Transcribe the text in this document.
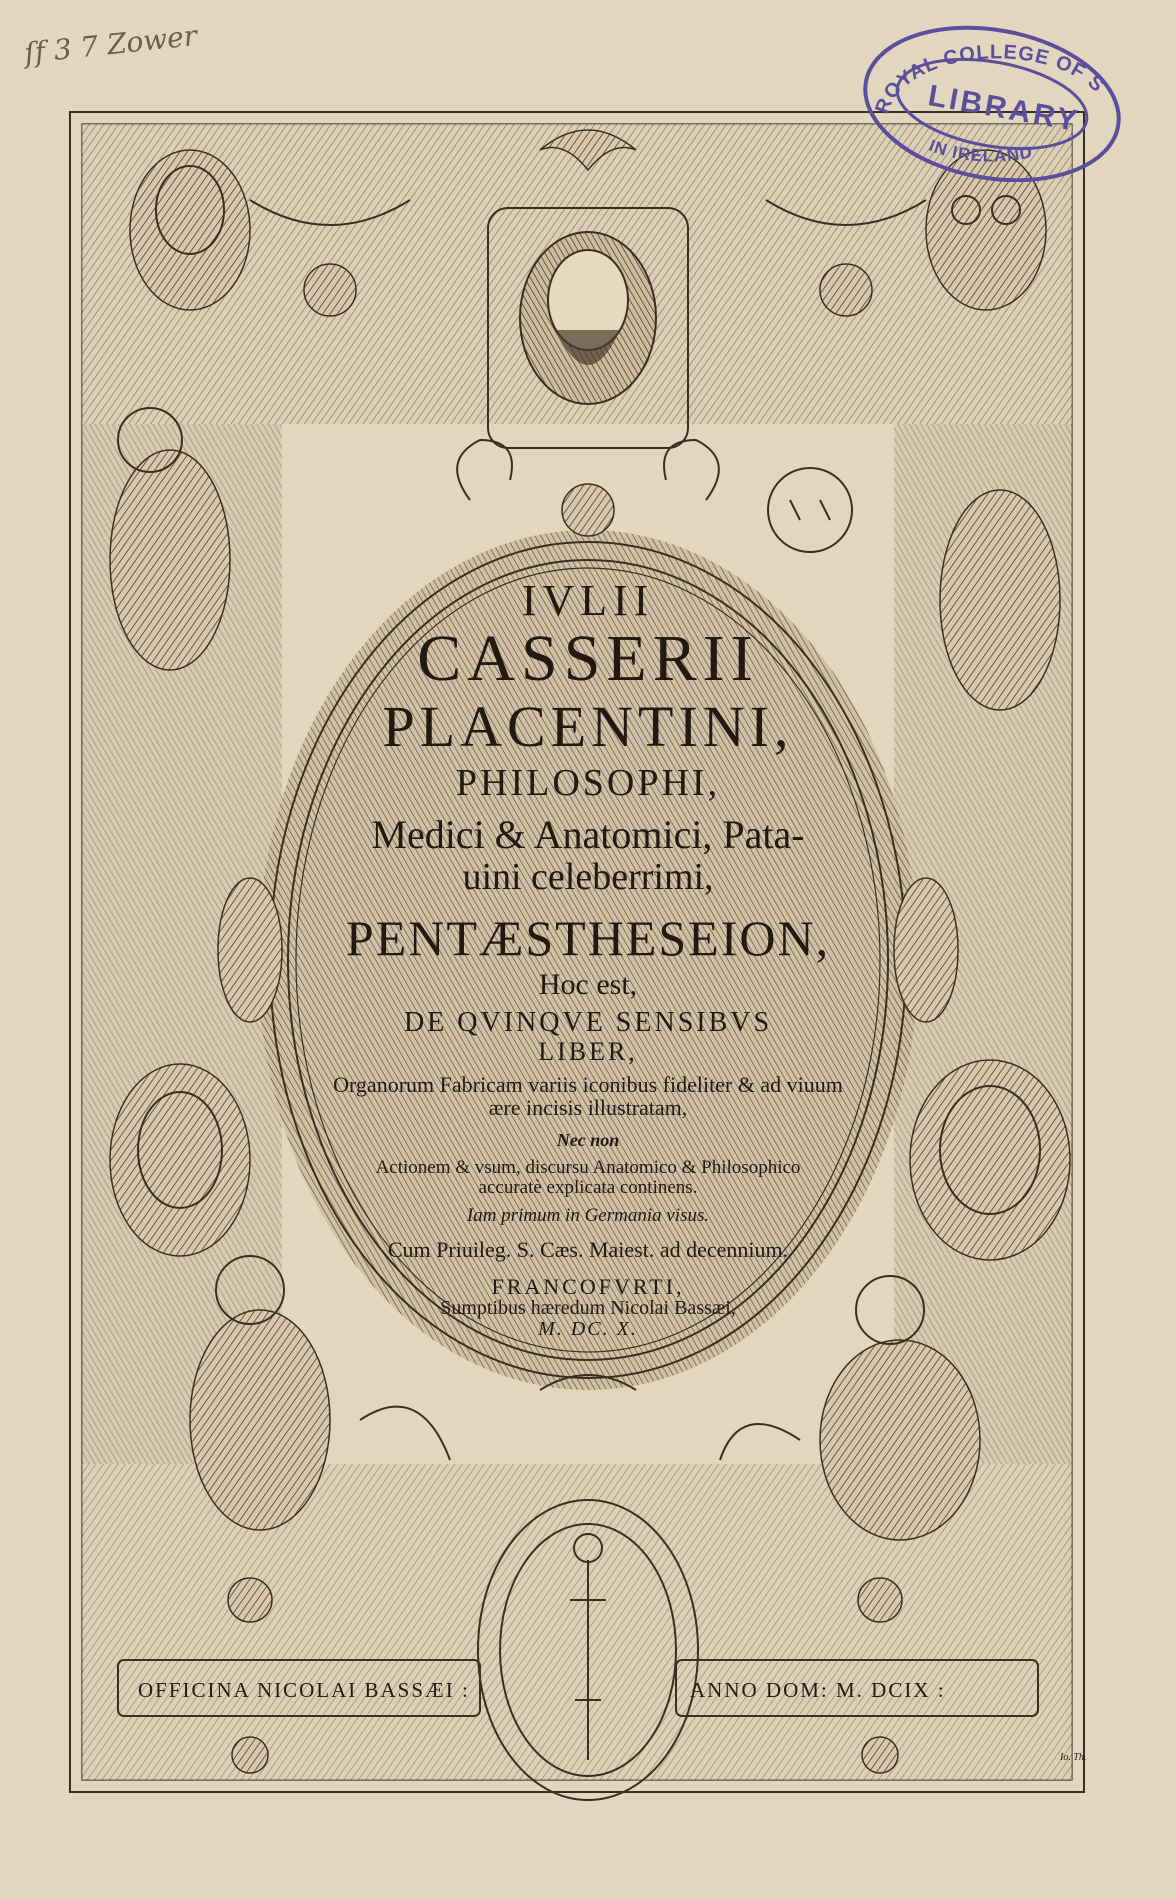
ſf 3 7 Zower
ROYAL COLLEGE OF S
LIBRARY
IN IRELAND
IVLII
CASSERII
PLACENTINI,
PHILOSOPHI,
Medici & Anatomici, Pata-
uini celeberrimi,
PENTÆSTHESEION,
Hoc est,
DE QVINQVE SENSIBVS
LIBER,
Organorum Fabricam variis iconibus fideliter & ad viuum
ære incisis illustratam,
Nec non
Actionem & vsum, discursu Anatomico & Philosophico
accuratè explicata continens.
Iam primum in Germania visus.
Cum Priuileg. S. Cæs. Maiest. ad decennium.
FRANCOFVRTI,
Sumptibus hæredum Nicolai Bassæi,
M. DC. X.
OFFICINA NICOLAI BASSÆI :	ANNO DOM: M. DCIX :
Io. Th.
